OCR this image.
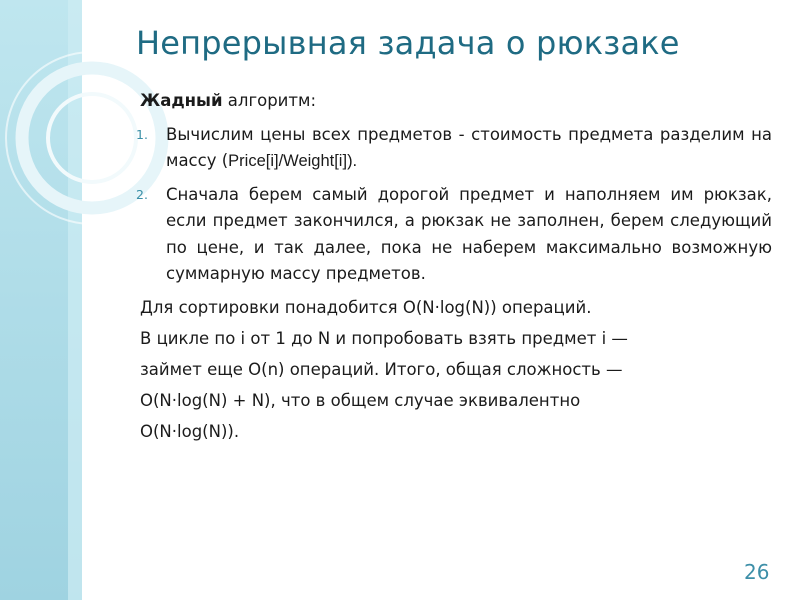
Непрерывная задача о рюкзаке

Жадный алгоритм:

1. Вычислим цены всех предметов - стоимость предмета разделим на массу (Price[i]/Weight[i]).
2. Сначала берем самый дорогой предмет и наполняем им рюкзак, если предмет закончился, а рюкзак не заполнен, берем следующий по цене, и так далее, пока не наберем максимально возможную суммарную массу предметов.

Для сортировки понадобится O(N·log(N)) операций.

В цикле по i от 1 до N и попробовать взять предмет i —

займет еще O(n) операций. Итого, общая сложность —

O(N·log(N) + N), что в общем случае эквивалентно

O(N·log(N)).

26
